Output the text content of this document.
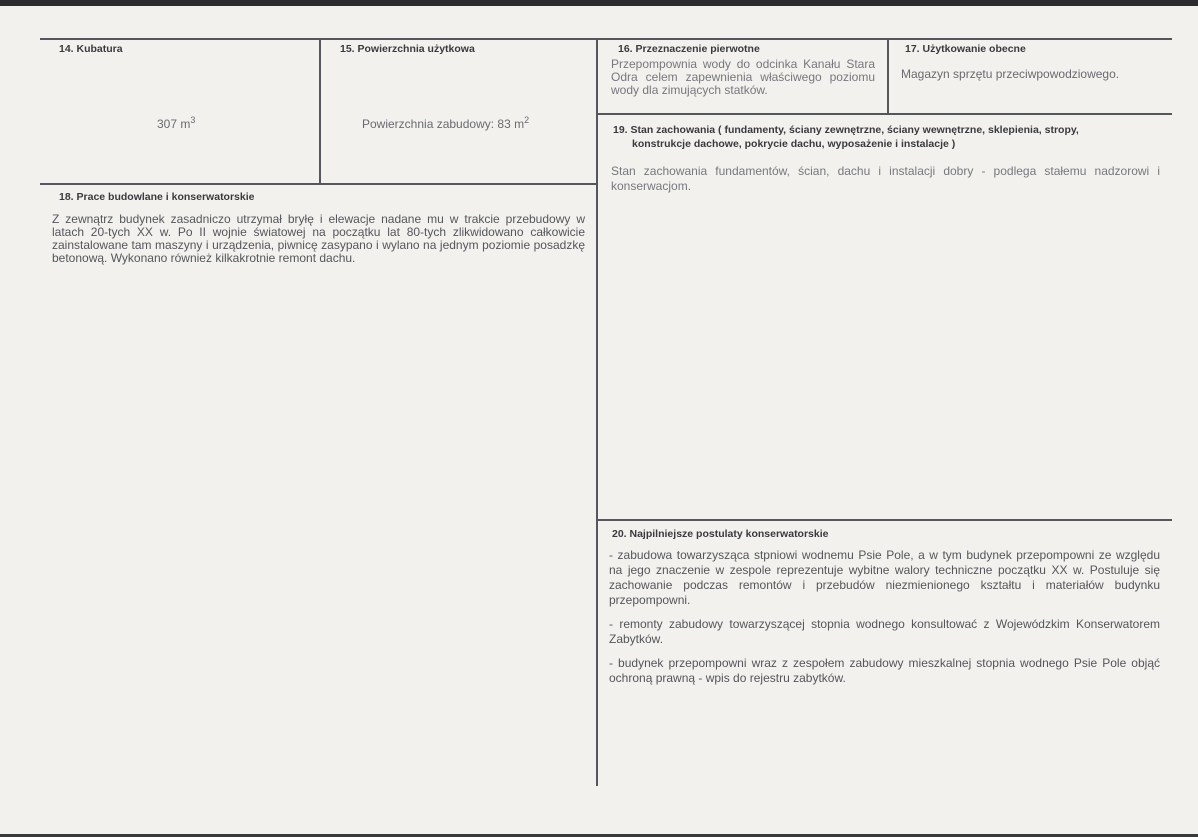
14. Kubatura
307 $m^3$
15. Powierzchnia użytkowa
Powierzchnia zabudowy: 83 $m^2$
16. Przeznaczenie pierwotne

Przepompownia wody do odcinka Kanału Stara Odra celem zapewnienia właściwego poziomu wody dla zimujących statków.

17. Użytkowanie obecne
Magazyn sprzętu przeciwpowodziowego.
19. Stan zachowania ( fundamenty, ściany zewnętrzne, ściany wewnętrzne, sklepienia, stropy,
konstrukcje dachowe, pokrycie dachu, wyposażenie i instalacje )

Stan zachowania fundamentów, ścian, dachu i instalacji dobry - podlega stałemu nadzorowi i konserwacjom.

18. Prace budowlane i konserwatorskie

Z zewnątrz budynek zasadniczo utrzymał bryłę i elewacje nadane mu w trakcie przebudowy w latach 20-tych XX w. Po II wojnie światowej na początku lat 80-tych zlikwidowano całkowicie zainstalowane tam maszyny i urządzenia, piwnicę zasypano i wylano na jednym poziomie posadzkę betonową. Wykonano również kilkakrotnie remont dachu.

20. Najpilniejsze postulaty konserwatorskie

- zabudowa towarzysząca stpniowi wodnemu Psie Pole, a w tym budynek przepompowni ze względu na jego znaczenie w zespole reprezentuje wybitne walory techniczne początku XX w. Postuluje się zachowanie podczas remontów i przebudów niezmienionego kształtu i materiałów budynku przepompowni.

- remonty zabudowy towarzyszącej stopnia wodnego konsultować z Wojewódzkim Konserwatorem Zabytków.

- budynek przepompowni wraz z zespołem zabudowy mieszkalnej stopnia wodnego Psie Pole objąć ochroną prawną - wpis do rejestru zabytków.
